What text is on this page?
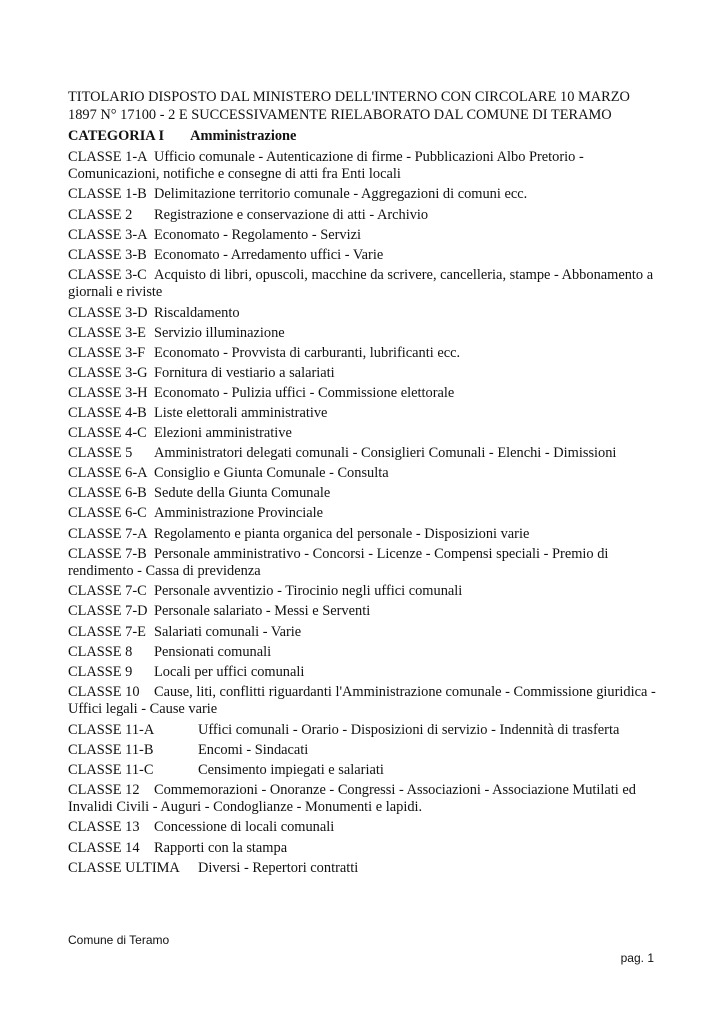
TITOLARIO DISPOSTO DAL MINISTERO DELL'INTERNO CON CIRCOLARE 10 MARZO 1897 N° 17100 - 2 E SUCCESSIVAMENTE RIELABORATO DAL COMUNE DI TERAMO

CATEGORIA I Amministrazione

CLASSE 1-A Ufficio comunale - Autenticazione di firme - Pubblicazioni Albo Pretorio - Comunicazioni, notifiche e consegne di atti fra Enti locali

CLASSE 1-B Delimitazione territorio comunale - Aggregazioni di comuni ecc.

CLASSE 2 Registrazione e conservazione di atti - Archivio

CLASSE 3-A Economato - Regolamento - Servizi

CLASSE 3-B Economato - Arredamento uffici - Varie

CLASSE 3-C Acquisto di libri, opuscoli, macchine da scrivere, cancelleria, stampe - Abbonamento a giornali e riviste

CLASSE 3-D Riscaldamento

CLASSE 3-E Servizio illuminazione

CLASSE 3-F Economato - Provvista di carburanti, lubrificanti ecc.

CLASSE 3-G Fornitura di vestiario a salariati

CLASSE 3-H Economato - Pulizia uffici - Commissione elettorale

CLASSE 4-B Liste elettorali amministrative

CLASSE 4-C Elezioni amministrative

CLASSE 5 Amministratori delegati comunali - Consiglieri Comunali - Elenchi - Dimissioni

CLASSE 6-A Consiglio e Giunta Comunale - Consulta

CLASSE 6-B Sedute della Giunta Comunale

CLASSE 6-C Amministrazione Provinciale

CLASSE 7-A Regolamento e pianta organica del personale - Disposizioni varie

CLASSE 7-B Personale amministrativo - Concorsi - Licenze - Compensi speciali - Premio di rendimento - Cassa di previdenza

CLASSE 7-C Personale avventizio - Tirocinio negli uffici comunali

CLASSE 7-D Personale salariato - Messi e Serventi

CLASSE 7-E Salariati comunali - Varie

CLASSE 8 Pensionati comunali

CLASSE 9 Locali per uffici comunali

CLASSE 10 Cause, liti, conflitti riguardanti l'Amministrazione comunale - Commissione giuridica - Uffici legali - Cause varie

CLASSE 11-A	Uffici comunali - Orario - Disposizioni di servizio - Indennità di trasferta

CLASSE 11-B	Encomi - Sindacati

CLASSE 11-C	Censimento impiegati e salariati

CLASSE 12 Commemorazioni - Onoranze - Congressi - Associazioni - Associazione Mutilati ed Invalidi Civili - Auguri - Condoglianze - Monumenti e lapidi.

CLASSE 13 Concessione di locali comunali

CLASSE 14 Rapporti con la stampa

CLASSE ULTIMA Diversi - Repertori contratti

Comune di Teramo
pag. 1
